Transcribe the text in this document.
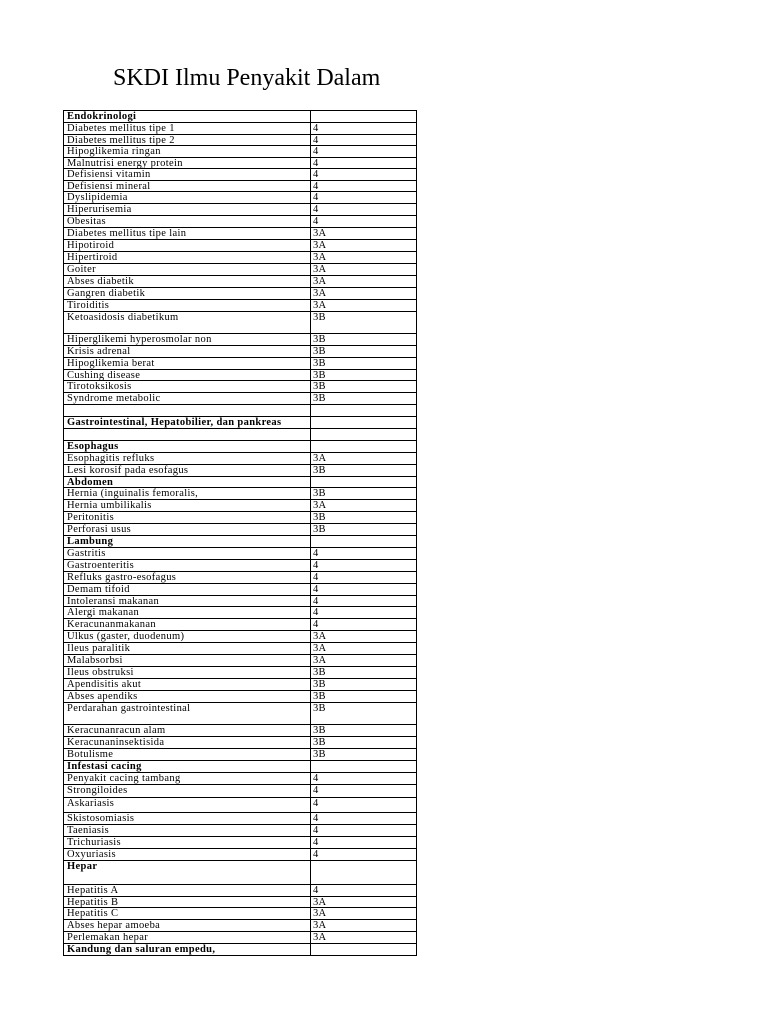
SKDI Ilmu Penyakit Dalam
Endokrinologi
Diabetes mellitus tipe 1	4
Diabetes mellitus tipe 2	4
Hipoglikemia ringan	4
Malnutrisi energy protein	4
Defisiensi vitamin	4
Defisiensi mineral	4
Dyslipidemia	4
Hiperurisemia	4
Obesitas	4
Diabetes mellitus tipe lain	3A
Hipotiroid	3A
Hipertiroid	3A
Goiter	3A
Abses diabetik	3A
Gangren diabetik	3A
Tiroiditis	3A
Ketoasidosis diabetikum	3B
Hiperglikemi hyperosmolar non	3B
Krisis adrenal	3B
Hipoglikemia berat	3B
Cushing disease	3B
Tirotoksikosis	3B
Syndrome metabolic	3B
Gastrointestinal, Hepatobilier, dan pankreas
Esophagus
Esophagitis refluks	3A
Lesi korosif pada esofagus	3B
Abdomen
Hernia (inguinalis femoralis,	3B
Hernia umbilikalis	3A
Peritonitis	3B
Perforasi usus	3B
Lambung
Gastritis	4
Gastroenteritis	4
Refluks gastro-esofagus	4
Demam tifoid	4
Intoleransi makanan	4
Alergi makanan	4
Keracunanmakanan	4
Ulkus (gaster, duodenum)	3A
Ileus paralitik	3A
Malabsorbsi	3A
Ileus obstruksi	3B
Apendisitis akut	3B
Abses apendiks	3B
Perdarahan gastrointestinal	3B
Keracunanracun alam	3B
Keracunaninsektisida	3B
Botulisme	3B
Infestasi cacing
Penyakit cacing tambang	4
Strongiloides	4
Askariasis	4
Skistosomiasis	4
Taeniasis	4
Trichuriasis	4
Oxyuriasis	4
Hepar
Hepatitis A	4
Hepatitis B	3A
Hepatitis C	3A
Abses hepar amoeba	3A
Perlemakan hepar	3A
Kandung dan saluran empedu,
